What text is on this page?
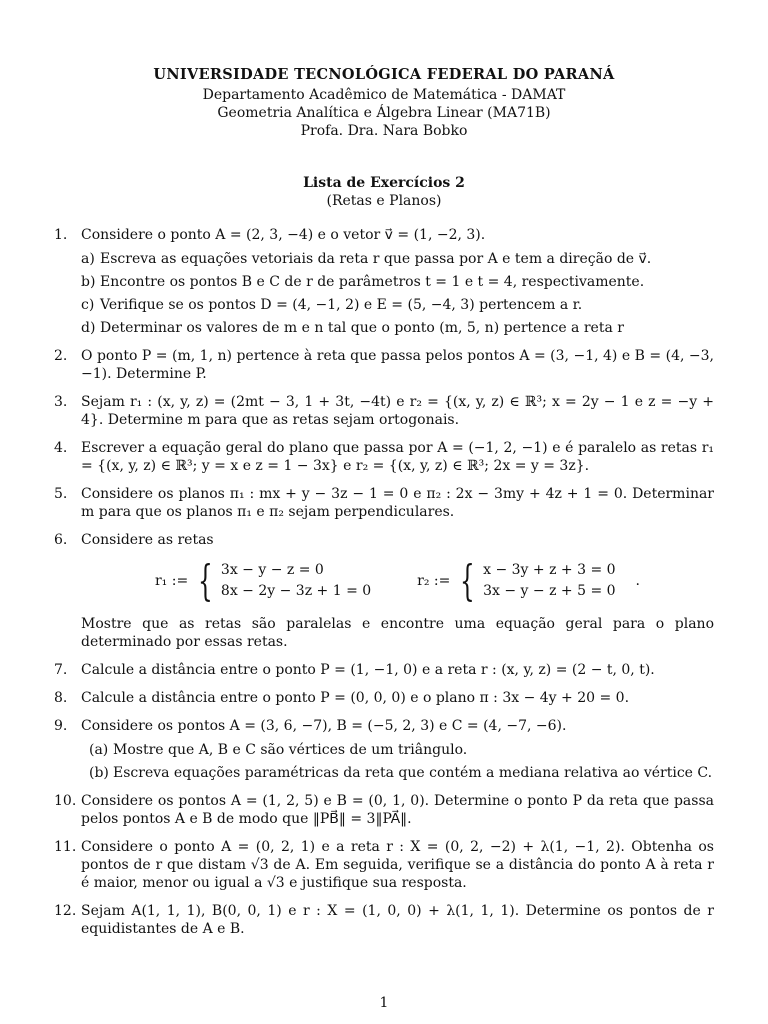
UNIVERSIDADE TECNOLÓGICA FEDERAL DO PARANÁ
Departamento Acadêmico de Matemática - DAMAT
Geometria Analítica e Álgebra Linear (MA71B)
Profa. Dra. Nara Bobko
Lista de Exercícios 2
(Retas e Planos)
1. Considere o ponto A = (2, 3, −4) e o vetor v⃗ = (1, −2, 3).
a) Escreva as equações vetoriais da reta r que passa por A e tem a direção de v⃗.
b) Encontre os pontos B e C de r de parâmetros t = 1 e t = 4, respectivamente.
c) Verifique se os pontos D = (4, −1, 2) e E = (5, −4, 3) pertencem a r.
d) Determinar os valores de m e n tal que o ponto (m, 5, n) pertence a reta r
2. O ponto P = (m, 1, n) pertence à reta que passa pelos pontos A = (3, −1, 4) e B = (4, −3, −1). Determine P.
3. Sejam r₁ : (x, y, z) = (2mt − 3, 1 + 3t, −4t) e r₂ = {(x, y, z) ∈ ℝ³; x = 2y − 1 e z = −y + 4}. Determine m para que as retas sejam ortogonais.
4. Escrever a equação geral do plano que passa por A = (−1, 2, −1) e é paralelo as retas r₁ = {(x, y, z) ∈ ℝ³; y = x e z = 1 − 3x} e r₂ = {(x, y, z) ∈ ℝ³; 2x = y = 3z}.
5. Considere os planos π₁ : mx + y − 3z − 1 = 0 e π₂ : 2x − 3my + 4z + 1 = 0. Determinar m para que os planos π₁ e π₂ sejam perpendiculares.
6. Considere as retas
r₁ := { 3x − y − z = 0
8x − 2y − 3z + 1 = 0
r₂ := { x − 3y + z + 3 = 0
3x − y − z + 5 = 0
.
Mostre que as retas são paralelas e encontre uma equação geral para o plano determinado por essas retas.
7. Calcule a distância entre o ponto P = (1, −1, 0) e a reta r : (x, y, z) = (2 − t, 0, t).
8. Calcule a distância entre o ponto P = (0, 0, 0) e o plano π : 3x − 4y + 20 = 0.
9. Considere os pontos A = (3, 6, −7), B = (−5, 2, 3) e C = (4, −7, −6).
(a) Mostre que A, B e C são vértices de um triângulo.
(b) Escreva equações paramétricas da reta que contém a mediana relativa ao vértice C.
10. Considere os pontos A = (1, 2, 5) e B = (0, 1, 0). Determine o ponto P da reta que passa pelos pontos A e B de modo que ‖PB⃗‖ = 3‖PA⃗‖.
11. Considere o ponto A = (0, 2, 1) e a reta r : X = (0, 2, −2) + λ(1, −1, 2). Obtenha os pontos de r que distam √3 de A. Em seguida, verifique se a distância do ponto A à reta r é maior, menor ou igual a √3 e justifique sua resposta.
12. Sejam A(1, 1, 1), B(0, 0, 1) e r : X = (1, 0, 0) + λ(1, 1, 1). Determine os pontos de r equidistantes de A e B.
1
